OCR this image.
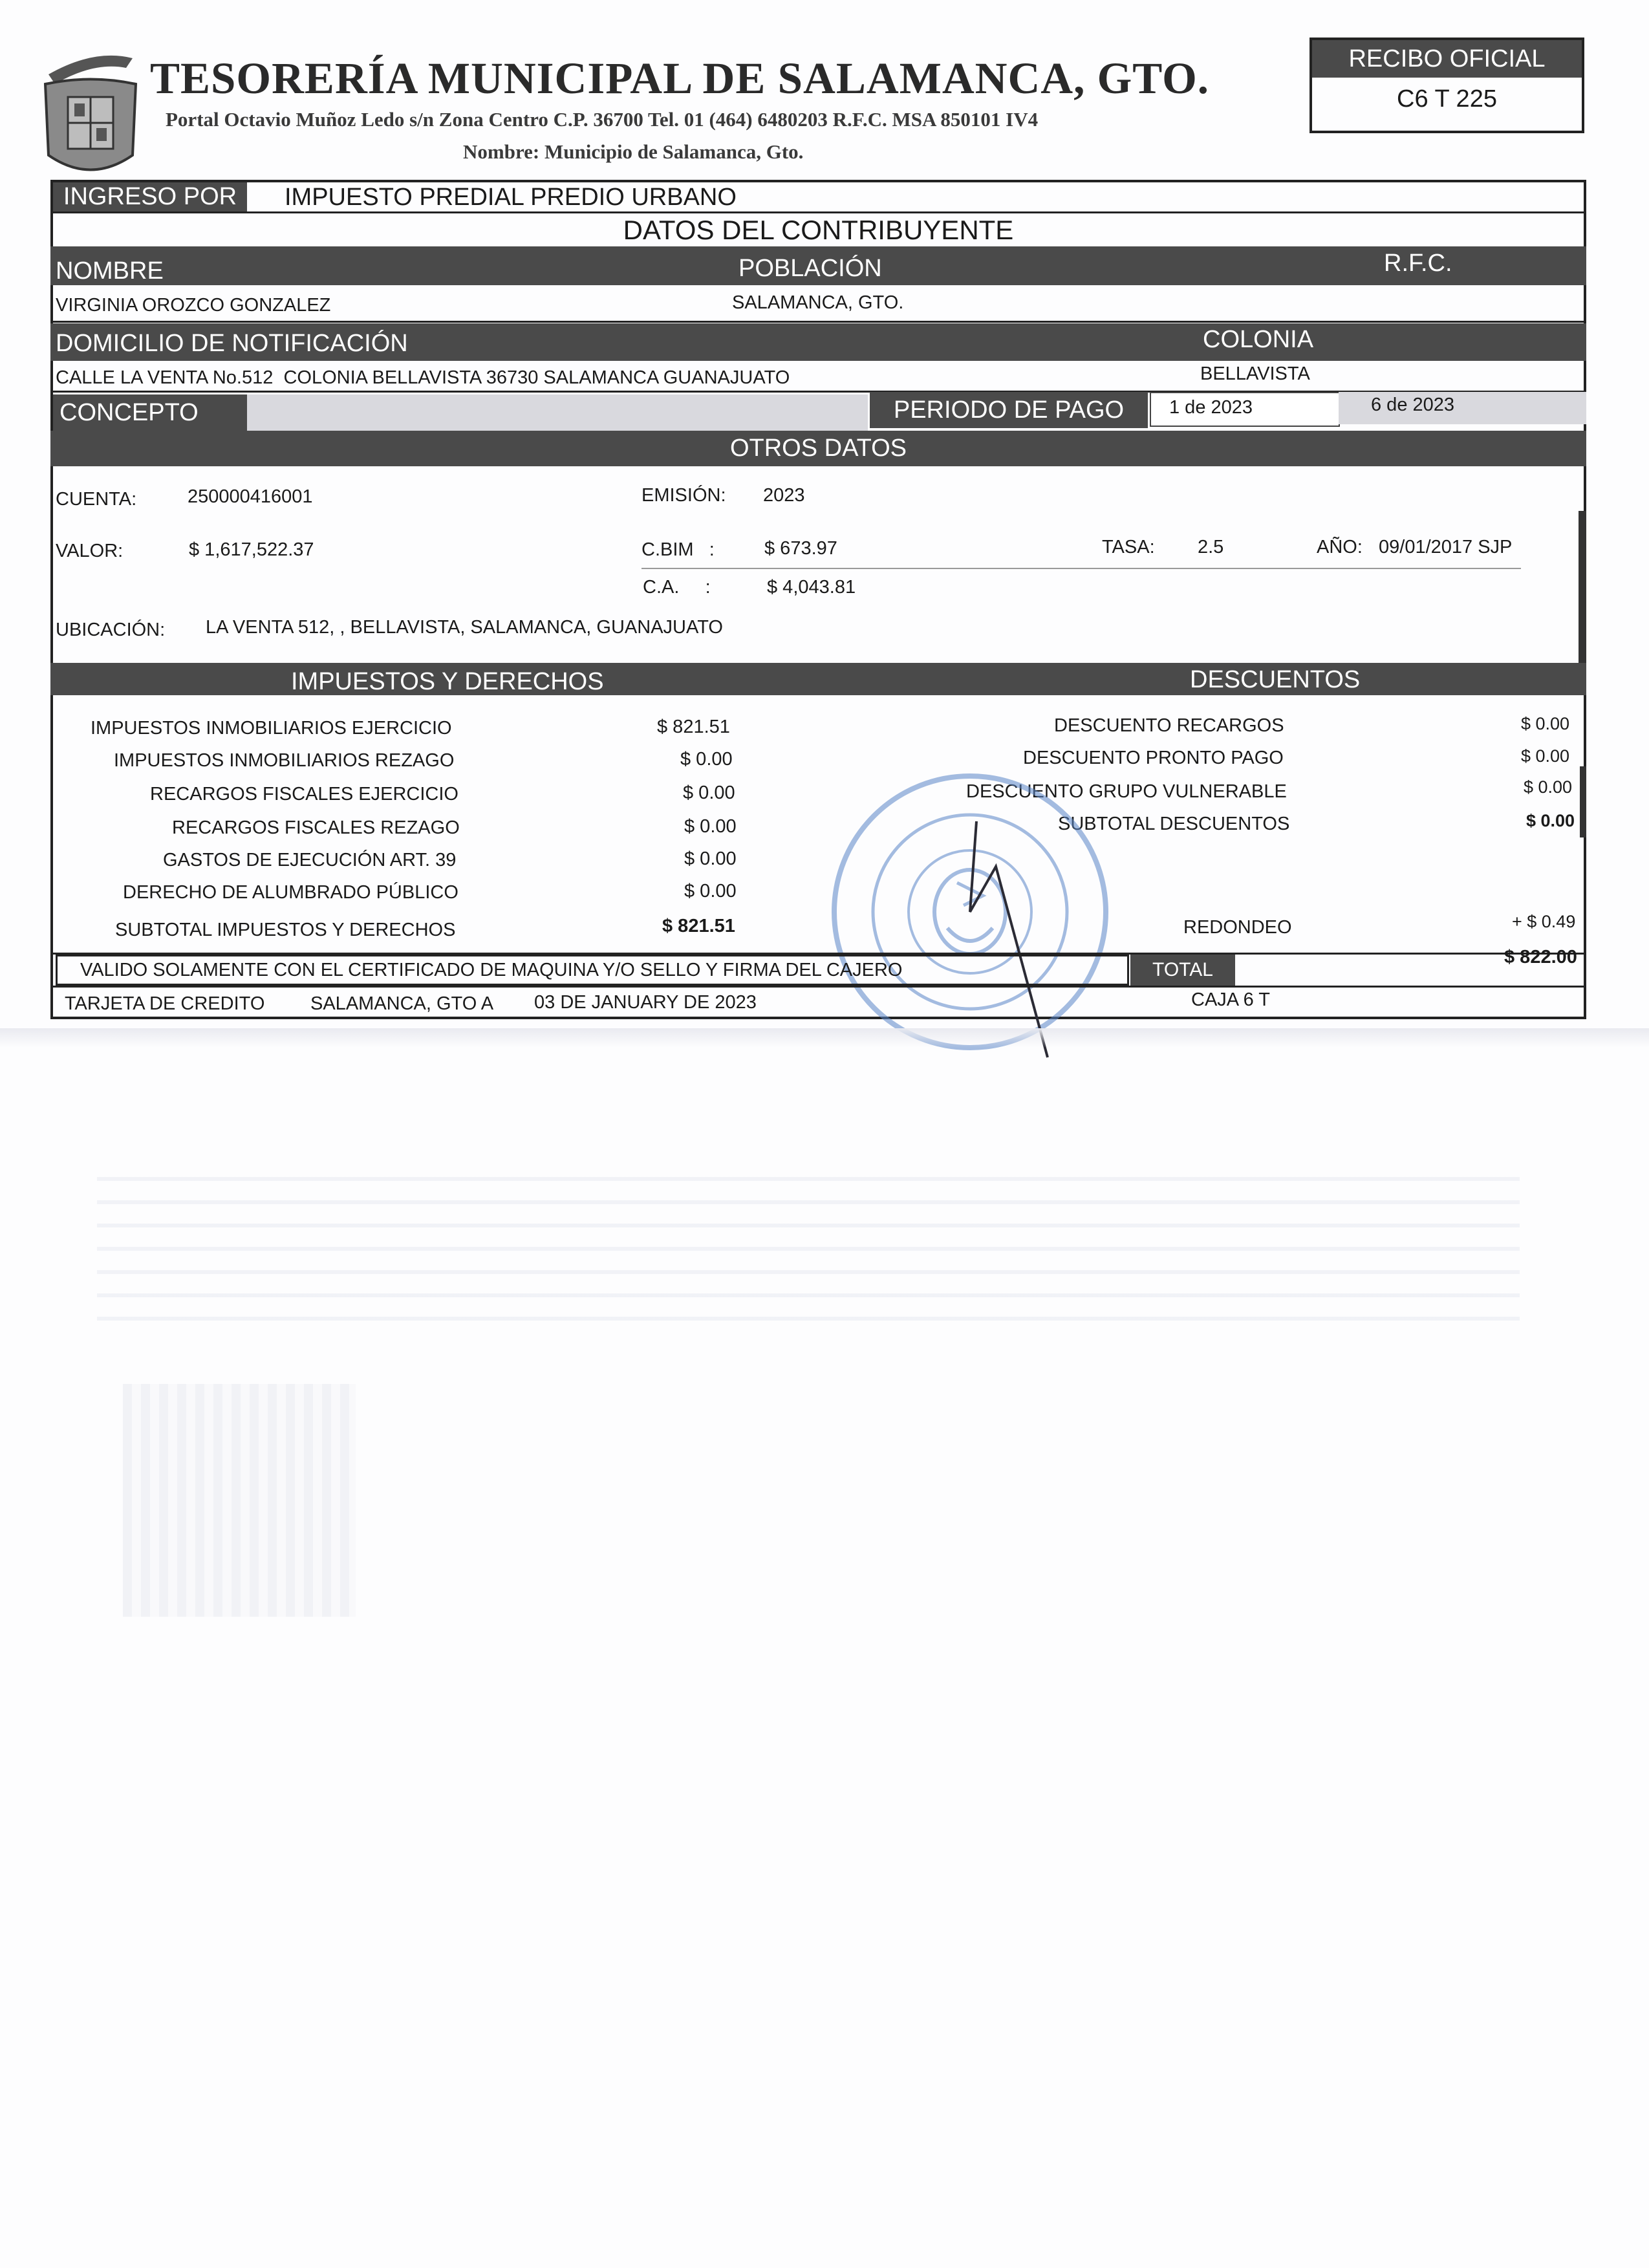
TESORERÍA MUNICIPAL DE SALAMANCA, GTO.
Portal Octavio Muñoz Ledo s/n Zona Centro C.P. 36700 Tel. 01 (464) 6480203 R.F.C. MSA 850101 IV4
Nombre: Municipio de Salamanca, Gto.
RECIBO OFICIAL
C6 T 225
INGRESO POR	IMPUESTO PREDIAL PREDIO URBANO
DATOS DEL CONTRIBUYENTE
NOMBRE	POBLACIÓN	R.F.C.
VIRGINIA OROZCO GONZALEZ	SALAMANCA, GTO.
DOMICILIO DE NOTIFICACIÓN	COLONIA
CALLE LA VENTA No.512  COLONIA BELLAVISTA 36730 SALAMANCA GUANAJUATO	BELLAVISTA
CONCEPTO	PERIODO DE PAGO	1 de 2023	6 de 2023
OTROS DATOS
CUENTA:	250000416001	EMISIÓN: 2023
VALOR:	$ 1,617,522.37	C.BIM   :	$ 673.97	TASA: 2.5	AÑO: 09/01/2017 SJP
C.A.     :	$ 4,043.81
UBICACIÓN: LA VENTA 512, , BELLAVISTA, SALAMANCA, GUANAJUATO
IMPUESTOS Y DERECHOS	DESCUENTOS
IMPUESTOS INMOBILIARIOS EJERCICIO	$ 821.51
IMPUESTOS INMOBILIARIOS REZAGO	$ 0.00
RECARGOS FISCALES EJERCICIO	$ 0.00
RECARGOS FISCALES REZAGO	$ 0.00
GASTOS DE EJECUCIÓN ART. 39	$ 0.00
DERECHO DE ALUMBRADO PÚBLICO	$ 0.00
SUBTOTAL IMPUESTOS Y DERECHOS	$ 821.51
DESCUENTO RECARGOS	$ 0.00
DESCUENTO PRONTO PAGO	$ 0.00
DESCUENTO GRUPO VULNERABLE	$ 0.00
SUBTOTAL DESCUENTOS	$ 0.00
REDONDEO	+ $ 0.49
VALIDO SOLAMENTE CON EL CERTIFICADO DE MAQUINA Y/O SELLO Y FIRMA DEL CAJERO	TOTAL
$ 822.00
TARJETA DE CREDITO SALAMANCA, GTO A 03 DE JANUARY DE 2023	CAJA 6 T
